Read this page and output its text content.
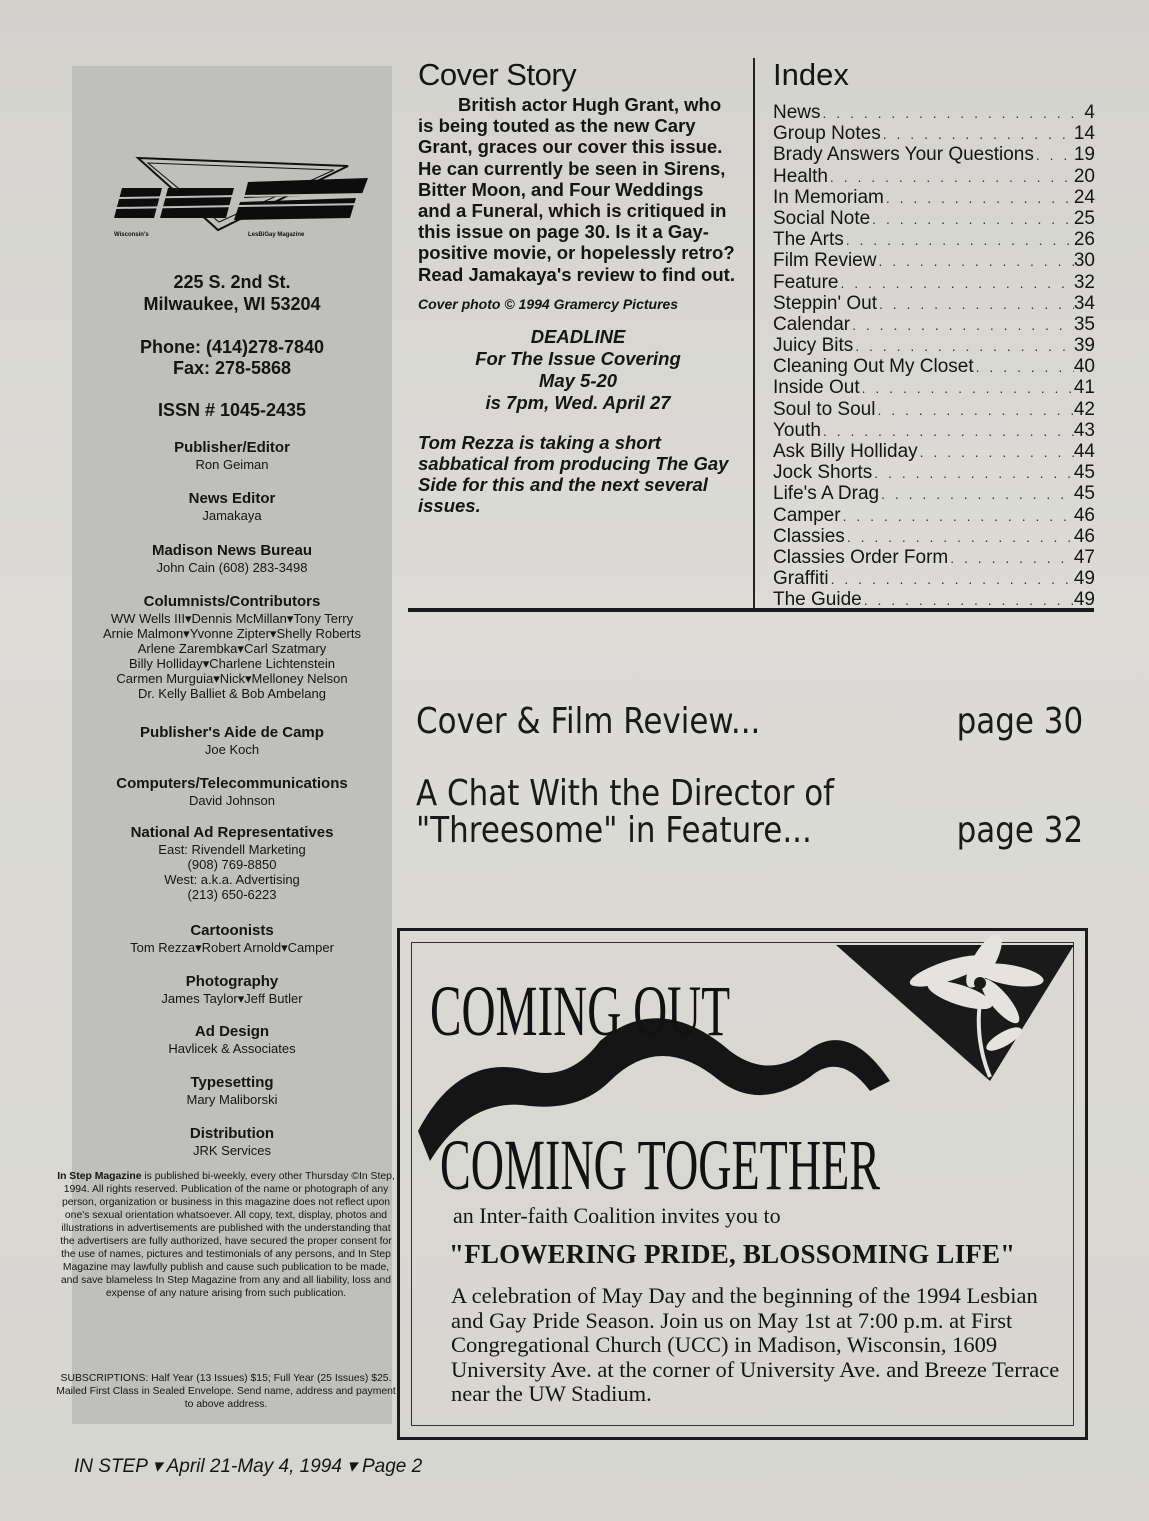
Wisconsin's	LesBiGay Magazine
225 S. 2nd St.
Milwaukee, WI 53204
Phone: (414)278-7840
Fax: 278-5868
ISSN # 1045-2435
Publisher/Editor
Ron Geiman
News Editor
Jamakaya
Madison News Bureau
John Cain (608) 283-3498
Columnists/Contributors
WW Wells III▾Dennis McMillan▾Tony Terry
Arnie Malmon▾Yvonne Zipter▾Shelly Roberts
Arlene Zarembka▾Carl Szatmary
Billy Holliday▾Charlene Lichtenstein
Carmen Murguia▾Nick▾Melloney Nelson
Dr. Kelly Balliet & Bob Ambelang
Publisher's Aide de Camp
Joe Koch
Computers/Telecommunications
David Johnson
National Ad Representatives
East: Rivendell Marketing
(908) 769-8850
West: a.k.a. Advertising
(213) 650-6223
Cartoonists
Tom Rezza▾Robert Arnold▾Camper
Photography
James Taylor▾Jeff Butler
Ad Design
Havlicek & Associates
Typesetting
Mary Maliborski
Distribution
JRK Services
In Step Magazine is published bi-weekly, every other Thursday ©In Step, 1994. All rights reserved. Publication of the name or photograph of any person, organization or business in this magazine does not reflect upon one's sexual orientation whatsoever. All copy, text, display, photos and illustrations in advertisements are published with the understanding that the advertisers are fully authorized, have secured the proper consent for the use of names, pictures and testimonials of any persons, and In Step Magazine may lawfully publish and cause such publication to be made, and save blameless In Step Magazine from any and all liability, loss and expense of any nature arising from such publication.
SUBSCRIPTIONS: Half Year (13 Issues) $15; Full Year (25 Issues) $25. Mailed First Class in Sealed Envelope. Send name, address and payment to above address.
Cover Story

British actor Hugh Grant, who is being touted as the new Cary Grant, graces our cover this issue. He can currently be seen in Sirens, Bitter Moon, and Four Weddings and a Funeral, which is critiqued in this issue on page 30. Is it a Gay-positive movie, or hopelessly retro? Read Jamakaya's review to find out.

Cover photo © 1994 Gramercy Pictures
DEADLINE
For The Issue Covering
May 5-20
is 7pm, Wed. April 27
Tom Rezza is taking a short sabbatical from producing The Gay Side for this and the next several issues.
Index
News . . .	4
Group Notes . . .	14
Brady Answers Your Questions . . . 19
Health . . .	20
In Memoriam . . .	24
Social Note . . .	25
The Arts . . .	26
Film Review . . .	30
Feature . . .	32
Steppin' Out . . .	34
Calendar . . .	35
Juicy Bits . . .	39
Cleaning Out My Closet . . .	40
Inside Out . . .	41
Soul to Soul . . .	42
Youth . . .	43
Ask Billy Holliday . . .	44
Jock Shorts . . .	45
Life's A Drag . . .	45
Camper . . .	46
Classies . . .	46
Classies Order Form . . .	47
Graffiti . . .	49
The Guide . . .	49
Cover & Film Review...	page 30
A Chat With the Director of
"Threesome" in Feature...	page 32
COMING OUT
COMING TOGETHER
an Inter-faith Coalition invites you to
"FLOWERING PRIDE, BLOSSOMING LIFE"
A celebration of May Day and the beginning of the 1994 Lesbian and Gay Pride Season. Join us on May 1st at 7:00 p.m. at First Congregational Church (UCC) in Madison, Wisconsin, 1609 University Ave. at the corner of University Ave. and Breeze Terrace near the UW Stadium.
IN STEP ▾ April 21-May 4, 1994 ▾ Page 2
